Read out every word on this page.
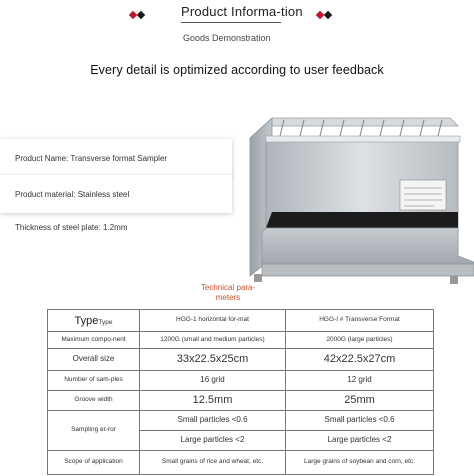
Product Informa-tion
Goods Demonstration
Every detail is optimized according to user feedback
Product Name: Transverse format Sampler
Product material: Stainless steel
Thickness of steel plate: 1.2mm
Technical para-
meters
TypeType	HGG-1 horizontal for-mat	HGG-I # Transverse Format
Maximum compo-nent	1200G (small and medium particles)	2000G (large particles)
Overall size	33x22.5x25cm	42x22.5x27cm
Number of sam-ples	16 grid	12 grid
Groove width	12.5mm	25mm
Sampling er-ror	Small particles <0.6	Small particles <0.6
	Large particles <2	Large particles <2
Scope of application	Small grains of rice and wheat, etc.	Large grains of soybean and corn, etc.
